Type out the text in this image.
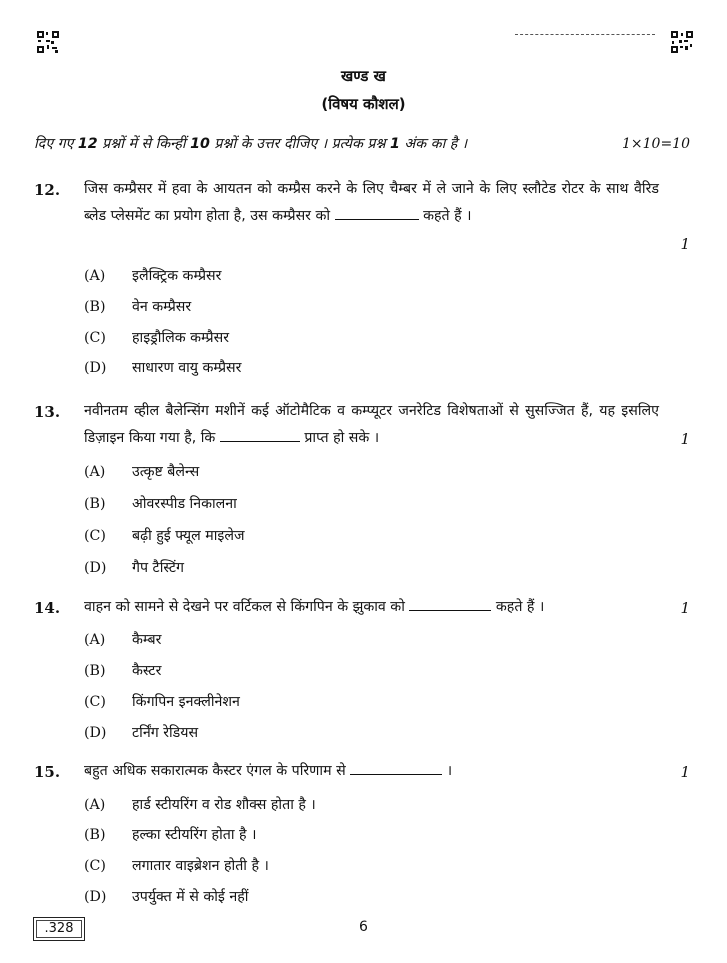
खण्ड ख
(विषय कौशल)
दिए गए 12 प्रश्नों में से किन्हीं 10 प्रश्नों के उत्तर दीजिए । प्रत्येक प्रश्न 1 अंक का है ।	1×10=10
12. जिस कम्प्रैसर में हवा के आयतन को कम्प्रैस करने के लिए चैम्बर में ले जाने के लिए स्लौटेड रोटर के साथ वैरिड ब्लेड प्लेसमेंट का प्रयोग होता है, उस कम्प्रैसर को	कहते हैं ।
1
(A) इलैक्ट्रिक कम्प्रैसर
(B) वेन कम्प्रैसर
(C) हाइड्रौलिक कम्प्रैसर
(D) साधारण वायु कम्प्रैसर
13. नवीनतम व्हील बैलेन्सिंग मशीनें कई ऑटोमैटिक व कम्प्यूटर जनरेटिड विशेषताओं से सुसज्जित हैं, यह इसलिए डिज़ाइन किया गया है, कि	प्राप्त हो सके ।	1
(A) उत्कृष्ट बैलेन्स
(B) ओवरस्पीड निकालना
(C) बढ़ी हुई फ्यूल माइलेज
(D) गैप टैस्टिंग
14. वाहन को सामने से देखने पर वर्टिकल से किंगपिन के झुकाव को	कहते हैं ।	1
(A) कैम्बर
(B) कैस्टर
(C) किंगपिन इनक्लीनेशन
(D) टर्निंग रेडियस
15. बहुत अधिक सकारात्मक कैस्टर एंगल के परिणाम से	।	1
(A) हार्ड स्टीयरिंग व रोड शौक्स होता है ।
(B) हल्का स्टीयरिंग होता है ।
(C) लगातार वाइब्रेशन होती है ।
(D) उपर्युक्त में से कोई नहीं
.328	6
